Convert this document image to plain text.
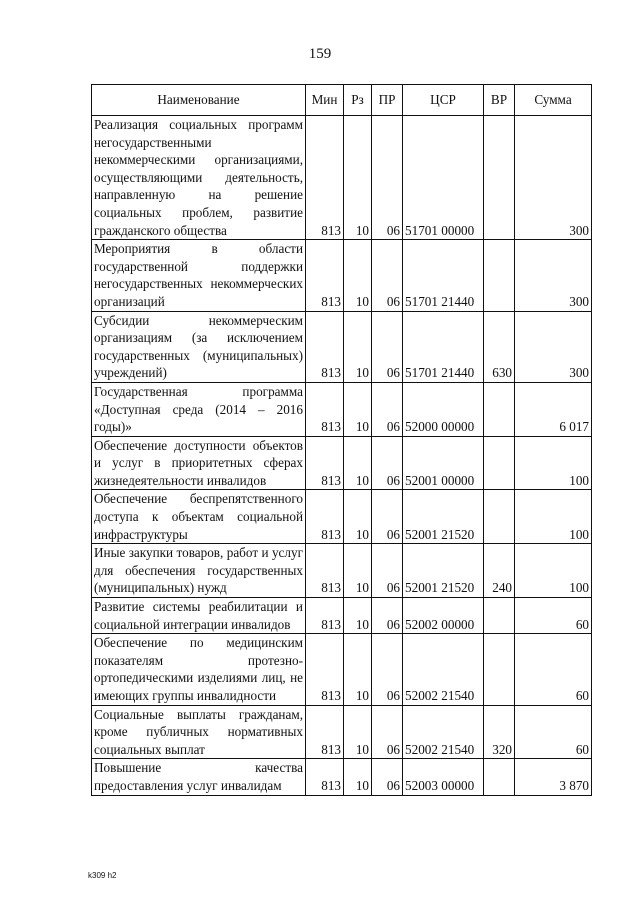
159
Наименование	Мин	Рз	ПР	ЦСР	ВР	Сумма
Реализация социальных программ негосударственными некоммерческими организациями, осуществляющими деятельность, направленную на решение социальных проблем, развитие гражданского общества	813	10	06	51701 00000		300
Мероприятия в области государственной поддержки негосударственных некоммерческих организаций	813	10	06	51701 21440		300
Субсидии некоммерческим организациям (за исключением государственных (муниципальных) учреждений)	813	10	06	51701 21440	630	300
Государственная программа «Доступная среда (2014 – 2016 годы)»	813	10	06	52000 00000		6 017
Обеспечение доступности объектов и услуг в приоритетных сферах жизнедеятельности инвалидов	813	10	06	52001 00000		100
Обеспечение беспрепятственного доступа к объектам социальной инфраструктуры	813	10	06	52001 21520		100
Иные закупки товаров, работ и услуг для обеспечения государственных (муниципальных) нужд	813	10	06	52001 21520	240	100
Развитие системы реабилитации и социальной интеграции инвалидов	813	10	06	52002 00000		60
Обеспечение по медицинским показателям протезно-ортопедическими изделиями лиц, не имеющих группы инвалидности	813	10	06	52002 21540		60
Социальные выплаты гражданам, кроме публичных нормативных социальных выплат	813	10	06	52002 21540	320	60
Повышение качества предоставления услуг инвалидам	813	10	06	52003 00000		3 870
k309 h2
